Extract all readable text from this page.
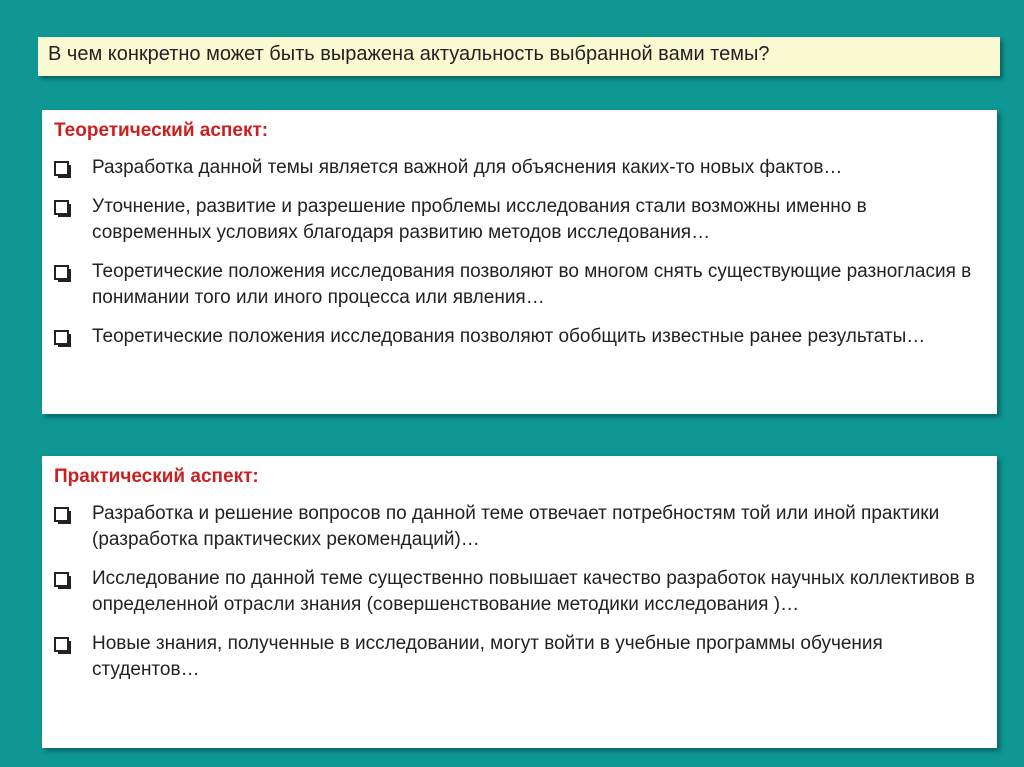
В чем конкретно может быть выражена актуальность выбранной вами темы?
Теоретический аспект:
Разработка данной темы является важной для объяснения каких-то новых фактов…
Уточнение, развитие и разрешение проблемы исследования стали возможны именно в современных условиях благодаря развитию методов исследования…
Теоретические положения исследования позволяют во многом снять существующие разногласия в понимании того или иного процесса или явления…
Теоретические положения исследования позволяют обобщить известные ранее результаты…
Практический аспект:
Разработка и решение вопросов по данной теме отвечает потребностям той или иной практики (разработка практических рекомендаций)…
Исследование по данной теме существенно повышает качество разработок научных коллективов в определенной отрасли знания (совершенствование методики исследования )…
Новые знания, полученные в исследовании, могут войти в учебные программы обучения студентов…
